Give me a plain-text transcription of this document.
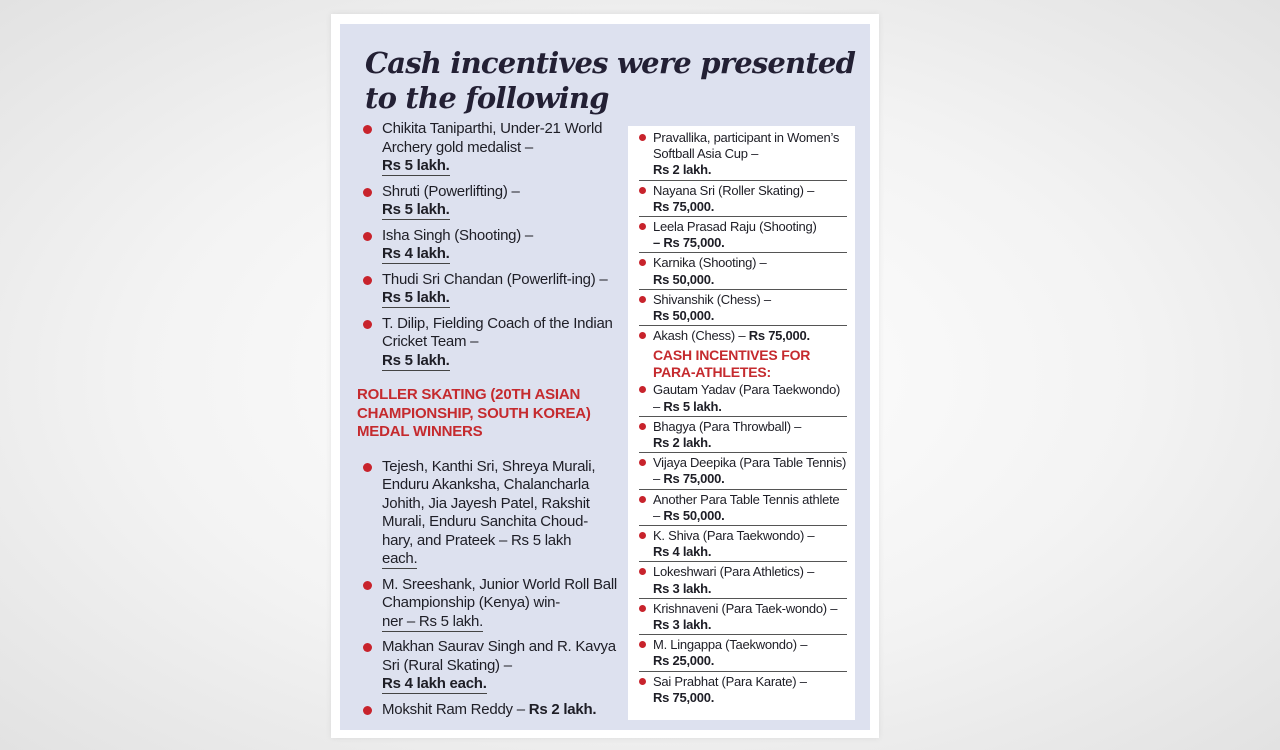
Cash incentives were presented
to the following
Chikita Taniparthi, Under-21 World Archery gold medalist –
Rs 5 lakh.
Shruti (Powerlifting) –
Rs 5 lakh.
Isha Singh (Shooting) –
Rs 4 lakh.
Thudi Sri Chandan (Powerlift-ing) – Rs 5 lakh.
T. Dilip, Fielding Coach of the Indian Cricket Team –
Rs 5 lakh.
ROLLER SKATING (20TH ASIAN
CHAMPIONSHIP, SOUTH KOREA)
MEDAL WINNERS
Tejesh, Kanthi Sri, Shreya Murali, Enduru Akanksha, Chalancharla Johith, Jia Jayesh Patel, Rakshit Murali, Enduru Sanchita Choud-hary, and Prateek – Rs 5 lakh
each.
M. Sreeshank, Junior World Roll Ball Championship (Kenya) win-
ner – Rs 5 lakh.
Makhan Saurav Singh and R. Kavya Sri (Rural Skating) –
Rs 4 lakh each.
Mokshit Ram Reddy – Rs 2 lakh.
Pravallika, participant in Women’s Softball Asia Cup –
Rs 2 lakh.
Nayana Sri (Roller Skating) –
Rs 75,000.
Leela Prasad Raju (Shooting)
– Rs 75,000.
Karnika (Shooting) –
Rs 50,000.
Shivanshik (Chess) –
Rs 50,000.
Akash (Chess) – Rs 75,000.
CASH INCENTIVES FOR
PARA-ATHLETES:
Gautam Yadav (Para Taekwondo) – Rs 5 lakh.
Bhagya (Para Throwball) –
Rs 2 lakh.
Vijaya Deepika (Para Table Tennis) – Rs 75,000.
Another Para Table Tennis athlete – Rs 50,000.
K. Shiva (Para Taekwondo) –
Rs 4 lakh.
Lokeshwari (Para Athletics) –
Rs 3 lakh.
Krishnaveni (Para Taek-wondo) – Rs 3 lakh.
M. Lingappa (Taekwondo) –
Rs 25,000.
Sai Prabhat (Para Karate) –
Rs 75,000.
